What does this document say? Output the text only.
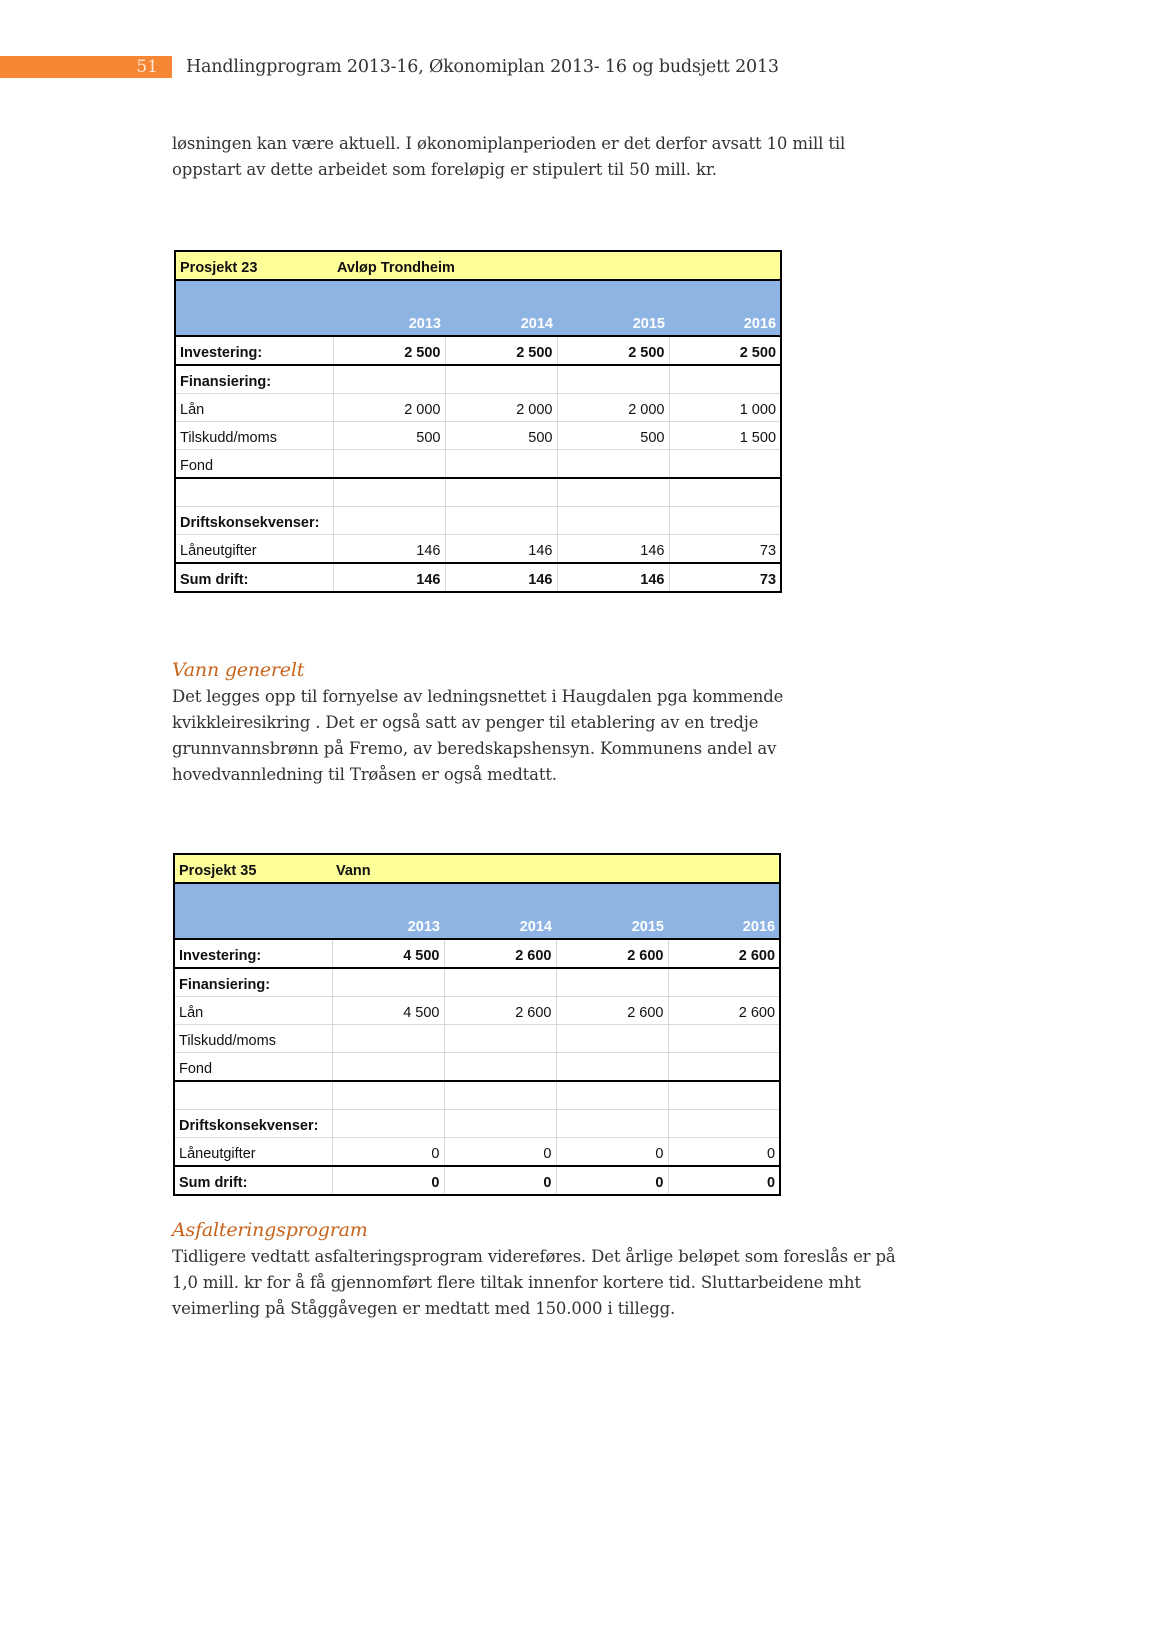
51 Handlingprogram 2013-16, Økonomiplan 2013- 16 og budsjett 2013

løsningen kan være aktuell. I økonomiplanperioden er det derfor avsatt 10 mill til

oppstart av dette arbeidet som foreløpig er stipulert til 50 mill. kr.

Prosjekt 23	Avløp Trondheim			
	2013	2014	2015	2016
Investering:	2 500	2 500	2 500	2 500
Finansiering:				
Lån	2 000	2 000	2 000	1 000
Tilskudd/moms	500	500	500	1 500
Fond				

Driftskonsekvenser:				
Låneutgifter	146	146	146	73
Sum drift:	146	146	146	73
Vann generelt

Det legges opp til fornyelse av ledningsnettet i Haugdalen pga kommende

kvikkleiresikring . Det er også satt av penger til etablering av en tredje

grunnvannsbrønn på Fremo, av beredskapshensyn. Kommunens andel av

hovedvannledning til Trøåsen er også medtatt.

Prosjekt 35	Vann			
	2013	2014	2015	2016
Investering:	4 500	2 600	2 600	2 600
Finansiering:				
Lån	4 500	2 600	2 600	2 600
Tilskudd/moms				
Fond				

Driftskonsekvenser:				
Låneutgifter	0	0	0	0
Sum drift:	0	0	0	0
Asfalteringsprogram

Tidligere vedtatt asfalteringsprogram videreføres. Det årlige beløpet som foreslås er på

1,0 mill. kr for å få gjennomført flere tiltak innenfor kortere tid. Sluttarbeidene mht

veimerling på Ståggåvegen er medtatt med 150.000 i tillegg.
